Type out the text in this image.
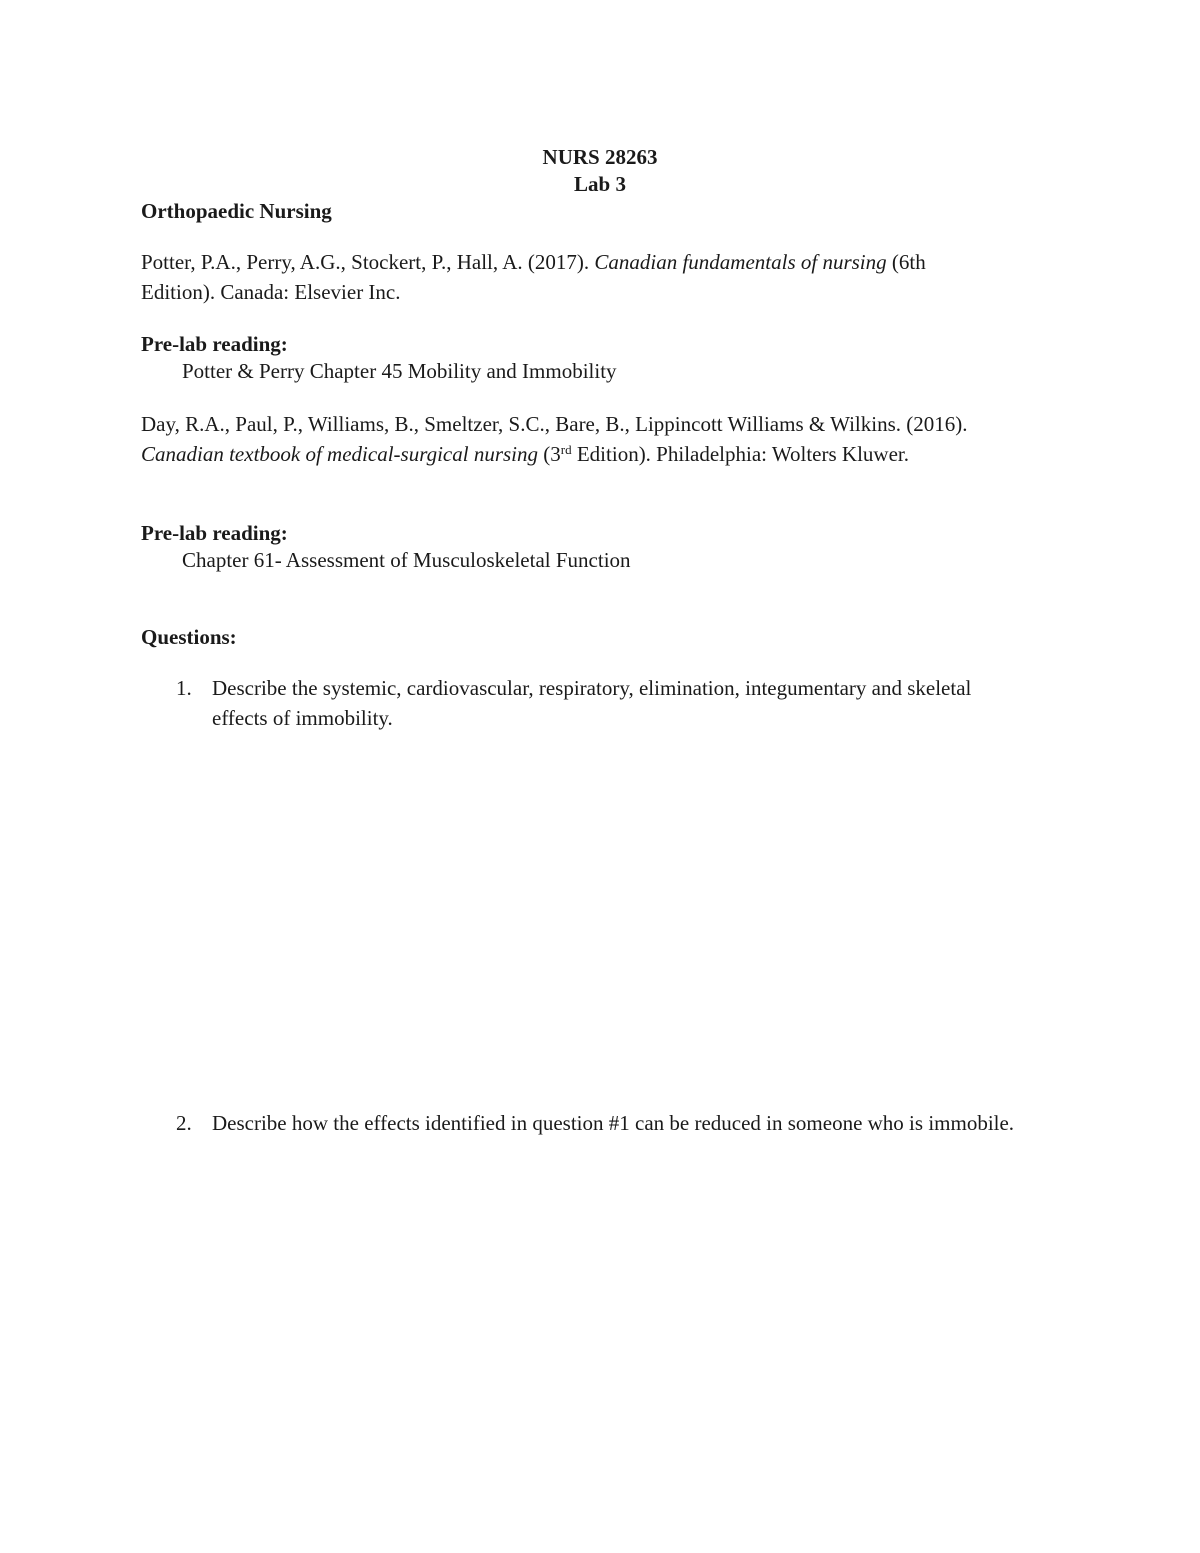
NURS 28263
Lab 3
Orthopaedic Nursing
Potter, P.A., Perry, A.G., Stockert, P., Hall, A. (2017). Canadian fundamentals of nursing (6th
Edition). Canada: Elsevier Inc.
Pre-lab reading:
Potter & Perry Chapter 45 Mobility and Immobility
Day, R.A., Paul, P., Williams, B., Smeltzer, S.C., Bare, B., Lippincott Williams & Wilkins. (2016). Canadian textbook of medical-surgical nursing (3rd Edition). Philadelphia: Wolters Kluwer.
Pre-lab reading:
Chapter 61- Assessment of Musculoskeletal Function
Questions:
1. Describe the systemic, cardiovascular, respiratory, elimination, integumentary and skeletal effects of immobility.
2. Describe how the effects identified in question #1 can be reduced in someone who is immobile.
